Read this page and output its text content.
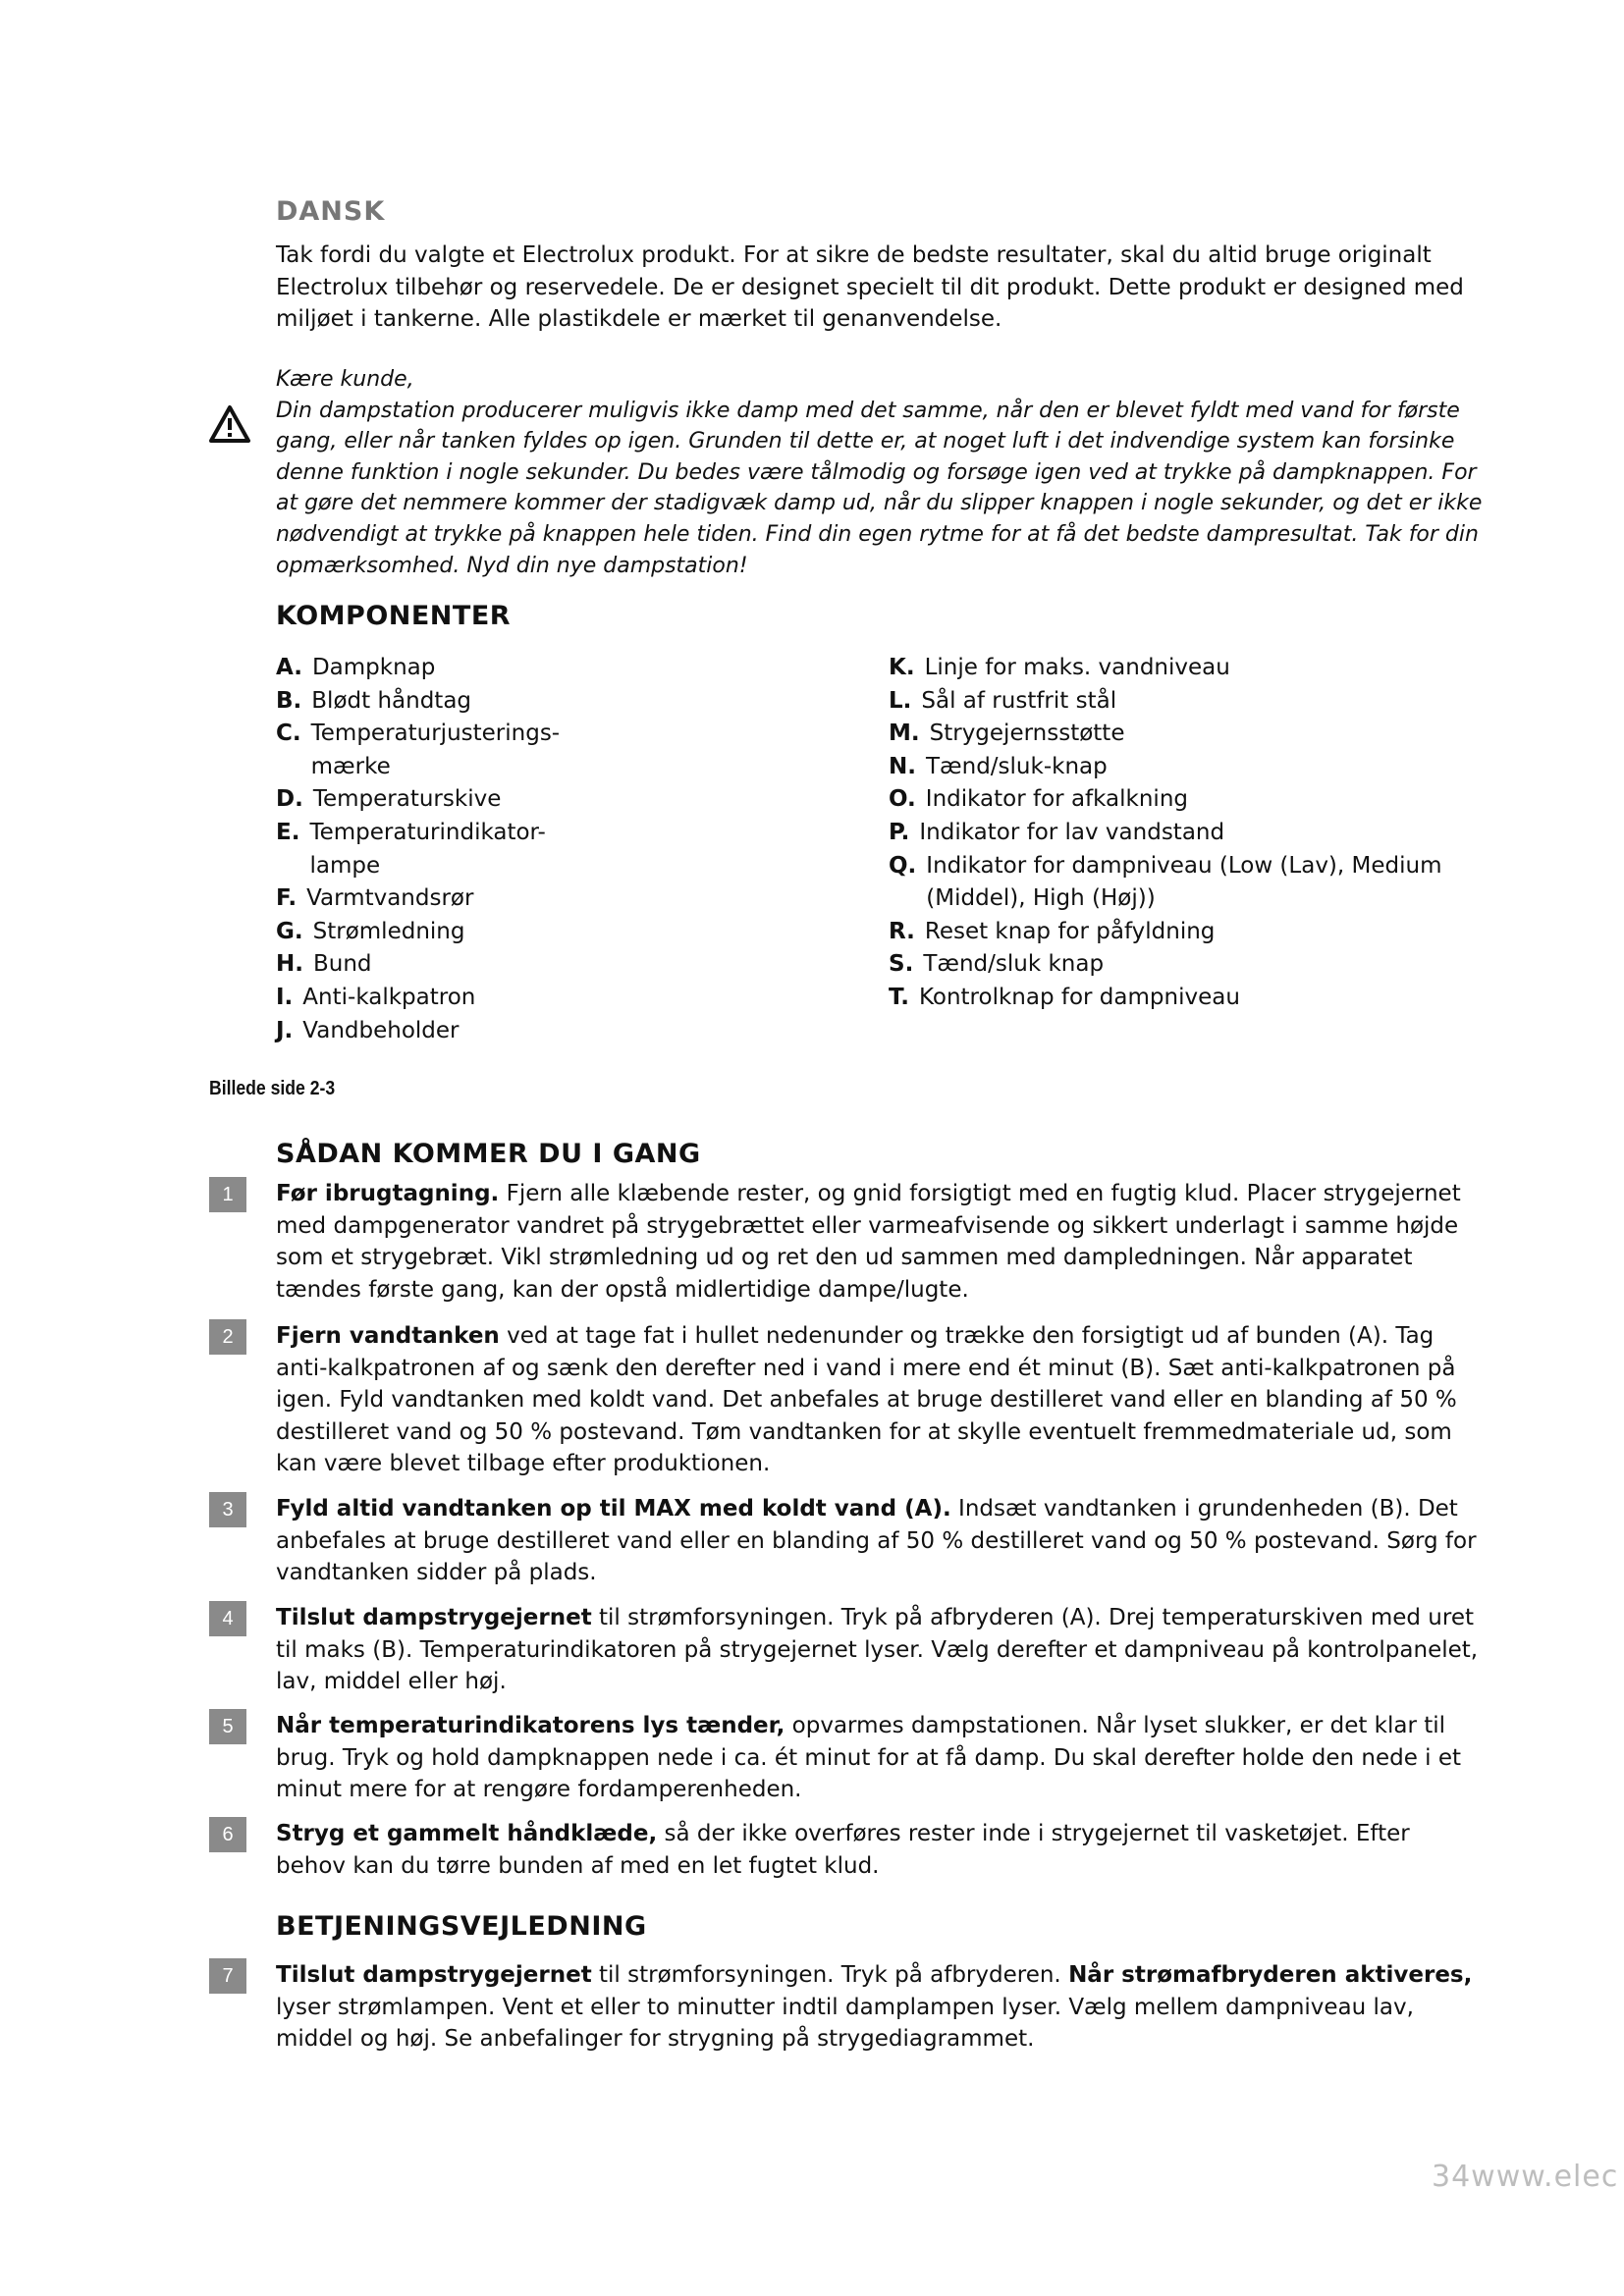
DANSK
Tak fordi du valgte et Electrolux produkt. For at sikre de bedste resultater, skal du altid bruge originalt Electrolux tilbehør og reservedele. De er designet specielt til dit produkt. Dette produkt er designed med miljøet i tankerne. Alle plastikdele er mærket til genanvendelse.
Kære kunde,
Din dampstation producerer muligvis ikke damp med det samme, når den er blevet fyldt med vand for første gang, eller når tanken fyldes op igen. Grunden til dette er, at noget luft i det indvendige system kan forsinke denne funktion i nogle sekunder. Du bedes være tålmodig og forsøge igen ved at trykke på dampknappen. For at gøre det nemmere kommer der stadigvæk damp ud, når du slipper knappen i nogle sekunder, og det er ikke nødvendigt at trykke på knappen hele tiden. Find din egen rytme for at få det bedste dampresultat. Tak for din opmærksomhed. Nyd din nye dampstation!
KOMPONENTER
A. Dampknap
B. Blødt håndtag
C. Temperaturjusterings-mærke
D. Temperaturskive
E. Temperaturindikator-lampe
F. Varmtvandsrør
G. Strømledning
H. Bund
I. Anti-kalkpatron
J. Vandbeholder
K. Linje for maks. vandniveau
L. Sål af rustfrit stål
M. Strygejernsstøtte
N. Tænd/sluk-knap
O. Indikator for afkalkning
P. Indikator for lav vandstand
Q. Indikator for dampniveau (Low (Lav), Medium (Middel), High (Høj))
R. Reset knap for påfyldning
S. Tænd/sluk knap
T. Kontrolknap for dampniveau
Billede side 2-3
SÅDAN KOMMER DU I GANG
1	Før ibrugtagning. Fjern alle klæbende rester, og gnid forsigtigt med en fugtig klud. Placer strygejernet med dampgenerator vandret på strygebrættet eller varmeafvisende og sikkert underlagt i samme højde som et strygebræt. Vikl strømledning ud og ret den ud sammen med dampledningen. Når apparatet tændes første gang, kan der opstå midlertidige dampe/lugte.
2	Fjern vandtanken ved at tage fat i hullet nedenunder og trække den forsigtigt ud af bunden (A). Tag anti-kalkpatronen af og sænk den derefter ned i vand i mere end ét minut (B). Sæt anti-kalkpatronen på igen. Fyld vandtanken med koldt vand. Det anbefales at bruge destilleret vand eller en blanding af 50 % destilleret vand og 50 % postevand. Tøm vandtanken for at skylle eventuelt fremmedmateriale ud, som kan være blevet tilbage efter produktionen.
3	Fyld altid vandtanken op til MAX med koldt vand (A). Indsæt vandtanken i grundenheden (B). Det anbefales at bruge destilleret vand eller en blanding af 50 % destilleret vand og 50 % postevand. Sørg for vandtanken sidder på plads.
4	Tilslut dampstrygejernet til strømforsyningen. Tryk på afbryderen (A). Drej temperaturskiven med uret til maks (B). Temperaturindikatoren på strygejernet lyser. Vælg derefter et dampniveau på kontrolpanelet, lav, middel eller høj.
5	Når temperaturindikatorens lys tænder, opvarmes dampstationen. Når lyset slukker, er det klar til brug. Tryk og hold dampknappen nede i ca. ét minut for at få damp. Du skal derefter holde den nede i et minut mere for at rengøre fordamperenheden.
6	Stryg et gammelt håndklæde, så der ikke overføres rester inde i strygejernet til vasketøjet. Efter behov kan du tørre bunden af med en let fugtet klud.
BETJENINGSVEJLEDNING
7	Tilslut dampstrygejernet til strømforsyningen. Tryk på afbryderen. Når strømafbryderen aktiveres, lyser strømlampen. Vent et eller to minutter indtil damplampen lyser. Vælg mellem dampniveau lav, middel og høj. Se anbefalinger for strygning på strygediagrammet.
34www.elec
